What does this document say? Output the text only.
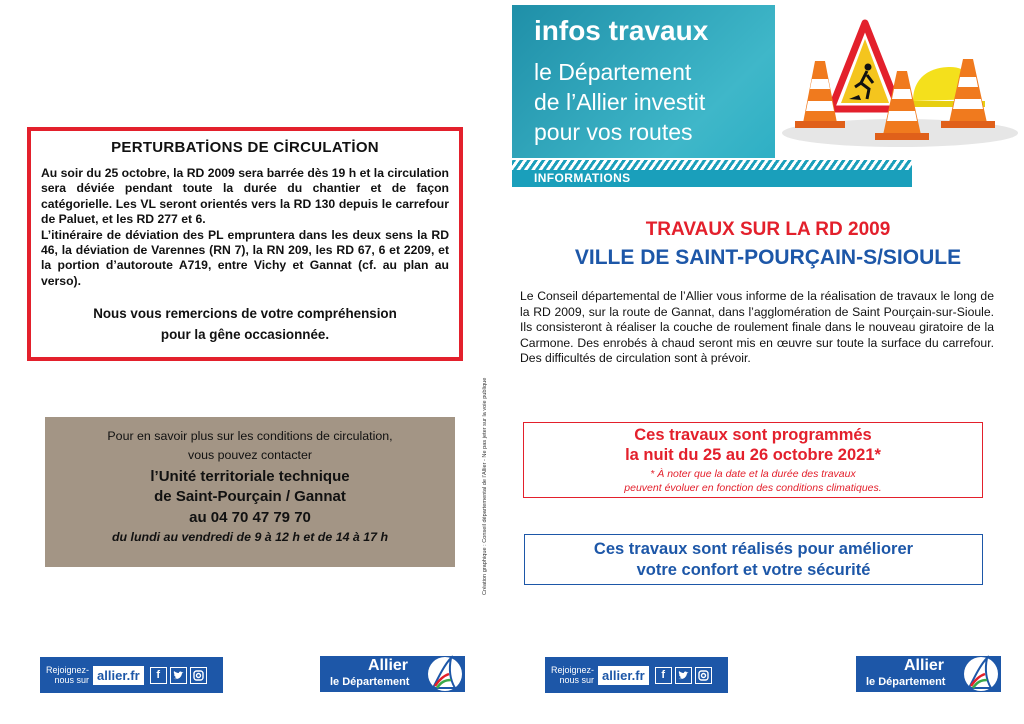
PERTURBATİONS DE CİRCULATİON

Au soir du 25 octobre, la RD 2009 sera barrée dès 19 h et la circulation sera déviée pendant toute la durée du chantier et de façon catégorielle. Les VL seront orientés vers la RD 130 depuis le carrefour de Paluet, et les RD 277 et 6.

L’itinéraire de déviation des PL empruntera dans les deux sens la RD 46, la déviation de Varennes (RN 7), la RN 209, les RD 67, 6 et 2209, et la portion d’autoroute A719, entre Vichy et Gannat (cf. au plan au verso).

Nous vous remercions de votre compréhension
pour la gêne occasionnée.
Pour en savoir plus sur les conditions de circulation,
vous pouvez contacter
l’Unité territoriale technique
de Saint-Pourçain / Gannat
au 04 70 47 79 70
du lundi au vendredi de 9 à 12 h et de 14 à 17 h	Création graphique : Conseil départemental de l’Allier - Ne pas jeter sur la voie publique
Rejoignez-
nous sur allier.fr	f
Allier
le Département
infos travaux
le Département
de l’Allier investit
pour vos routes
INFORMATIONS
TRAVAUX SUR LA RD 2009
VILLE DE SAINT-POURÇAIN-S/SIOULE
Le Conseil départemental de l’Allier vous informe de la réalisation de travaux le long de la RD 2009, sur la route de Gannat, dans l’agglomération de Saint Pourçain-sur-Sioule. Ils consisteront à réaliser la couche de roulement finale dans le nouveau giratoire de la Carmone. Des enrobés à chaud seront mis en œuvre sur toute la surface du carrefour. Des difficultés de circulation sont à prévoir.
Ces travaux sont programmés
la nuit du 25 au 26 octobre 2021*
* À noter que la date et la durée des travaux
peuvent évoluer en fonction des conditions climatiques.
Ces travaux sont réalisés pour améliorer
votre confort et votre sécurité
Rejoignez-
nous sur allier.fr	f
Allier
le Département
